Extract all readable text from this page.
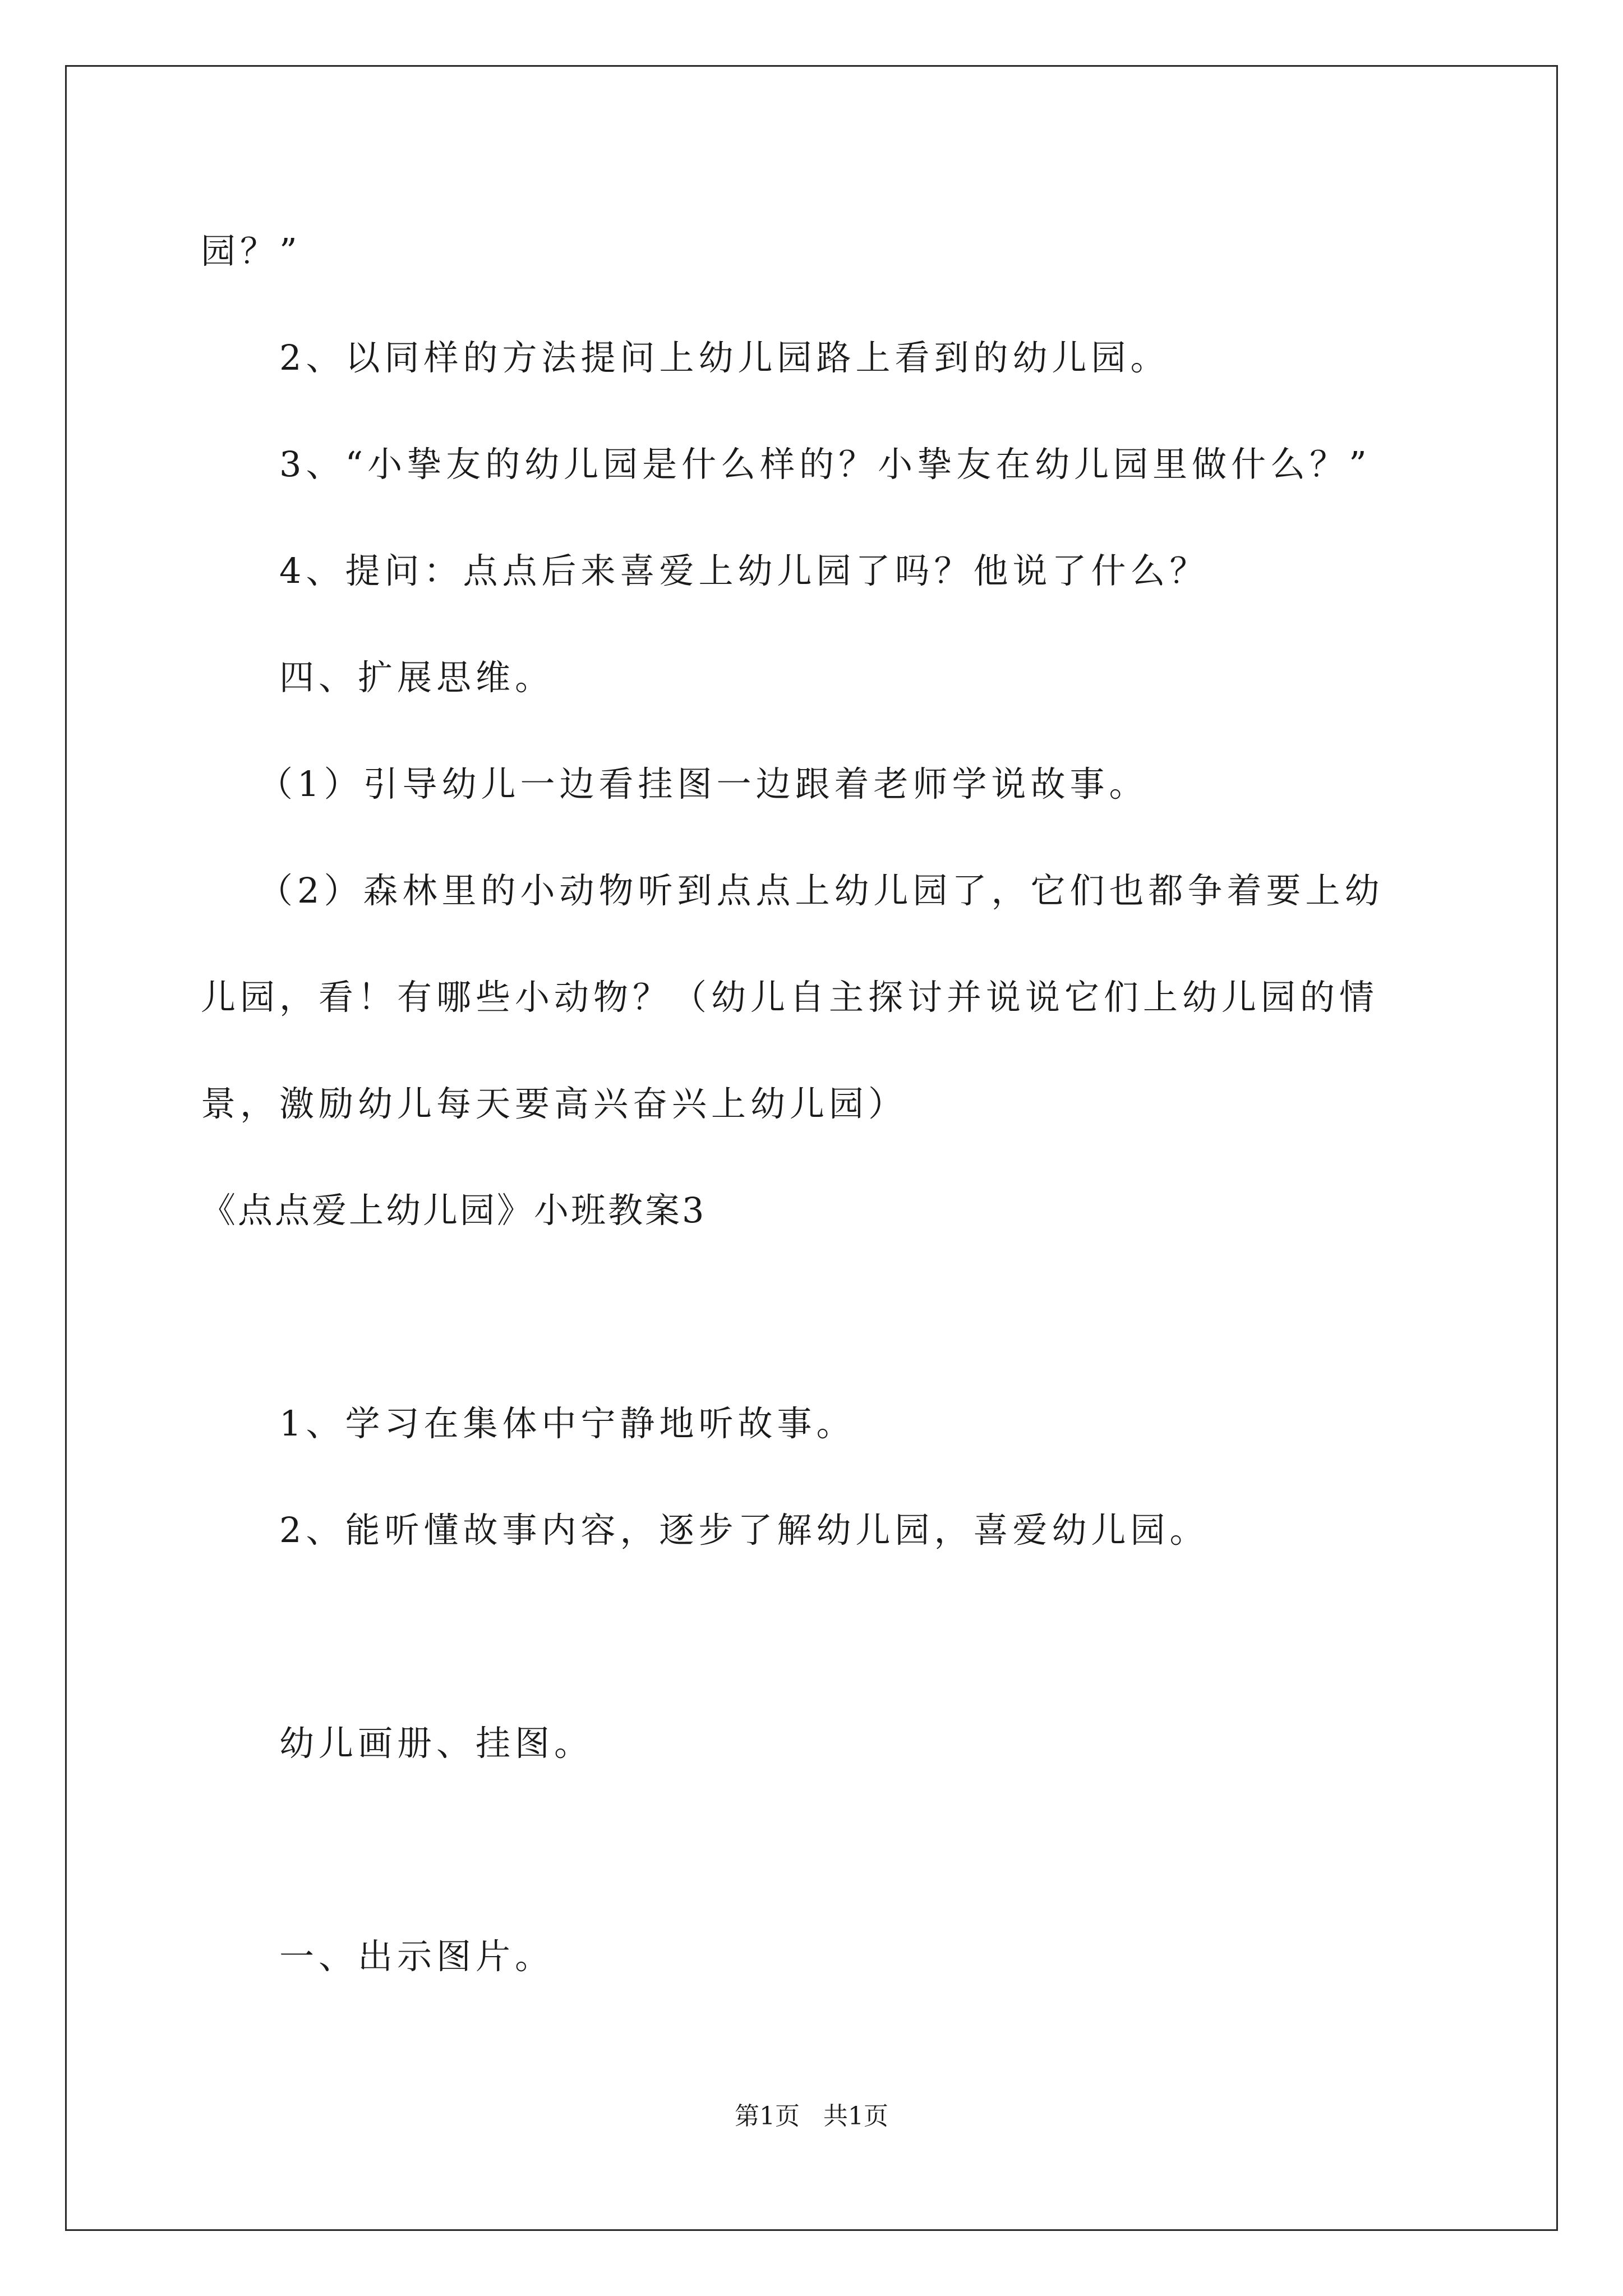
园？”
2、以同样的方法提问上幼儿园路上看到的幼儿园。
3、“小挚友的幼儿园是什么样的？小挚友在幼儿园里做什么？”
4、提问：点点后来喜爱上幼儿园了吗？他说了什么？
四、扩展思维。
（1）引导幼儿一边看挂图一边跟着老师学说故事。
（2）森林里的小动物听到点点上幼儿园了，它们也都争着要上幼
儿园，看！有哪些小动物？（幼儿自主探讨并说说它们上幼儿园的情
景，激励幼儿每天要高兴奋兴上幼儿园）
《点点爱上幼儿园》小班教案3
1、学习在集体中宁静地听故事。
2、能听懂故事内容，逐步了解幼儿园，喜爱幼儿园。
幼儿画册、挂图。
一、出示图片。
第1页   共1页
